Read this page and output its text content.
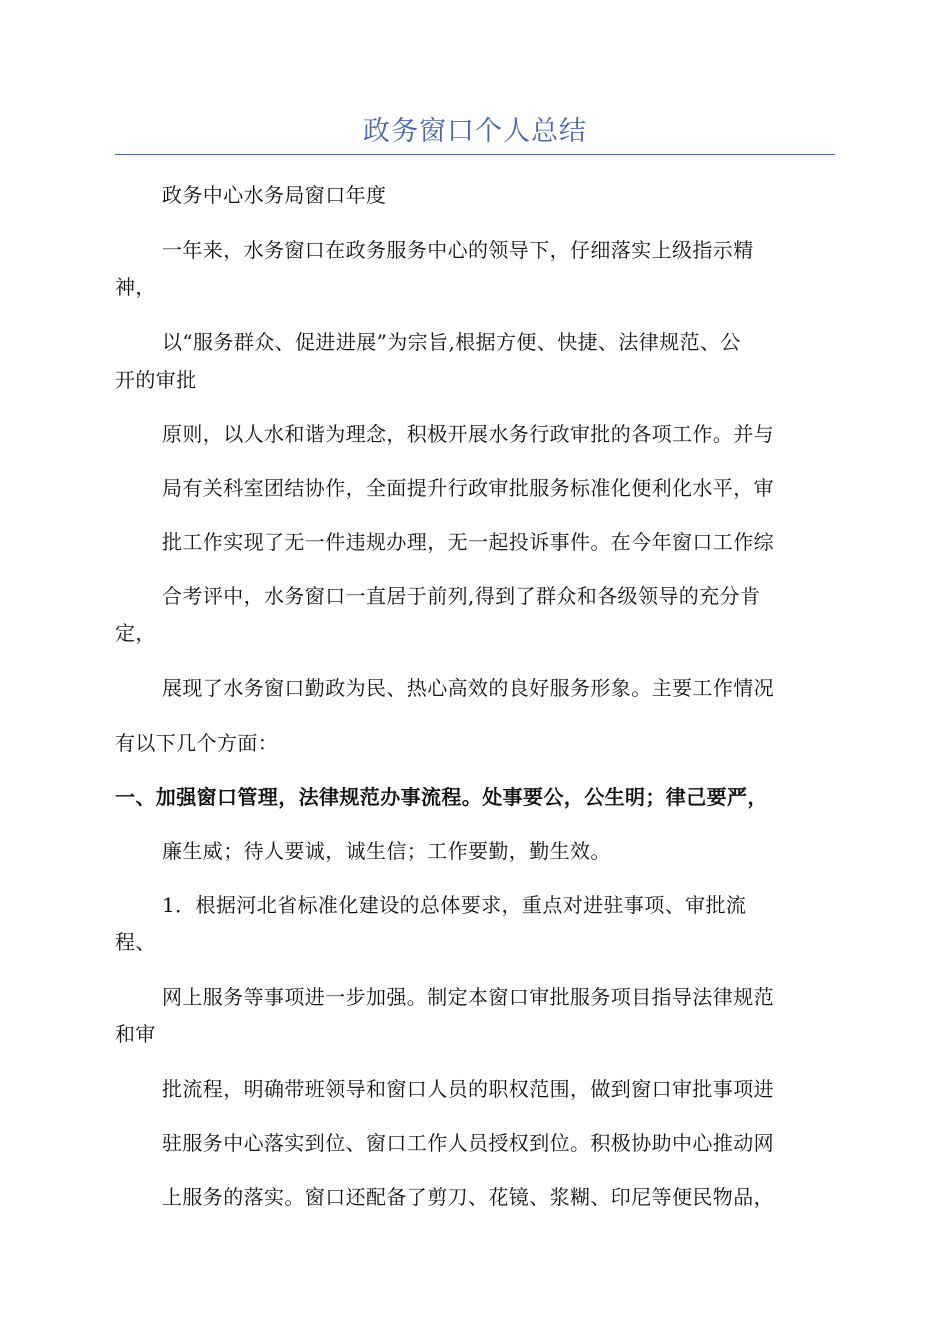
政务窗口个人总结
政务中心水务局窗口年度
一年来，水务窗口在政务服务中心的领导下，仔细落实上级指示精
神，
以“服务群众、促进进展”为宗旨,根据方便、快捷、法律规范、公
开的审批
原则，以人水和谐为理念，积极开展水务行政审批的各项工作。并与
局有关科室团结协作，全面提升行政审批服务标准化便利化水平，审
批工作实现了无一件违规办理，无一起投诉事件。在今年窗口工作综
合考评中，水务窗口一直居于前列,得到了群众和各级领导的充分肯
定，
展现了水务窗口勤政为民、热心高效的良好服务形象。主要工作情况
有以下几个方面：
一、加强窗口管理，法律规范办事流程。处事要公，公生明；律己要严，
廉生威；待人要诚，诚生信；工作要勤，勤生效。
1．根据河北省标准化建设的总体要求，重点对进驻事项、审批流
程、
网上服务等事项进一步加强。制定本窗口审批服务项目指导法律规范
和审
批流程，明确带班领导和窗口人员的职权范围，做到窗口审批事项进
驻服务中心落实到位、窗口工作人员授权到位。积极协助中心推动网
上服务的落实。窗口还配备了剪刀、花镜、浆糊、印尼等便民物品，
